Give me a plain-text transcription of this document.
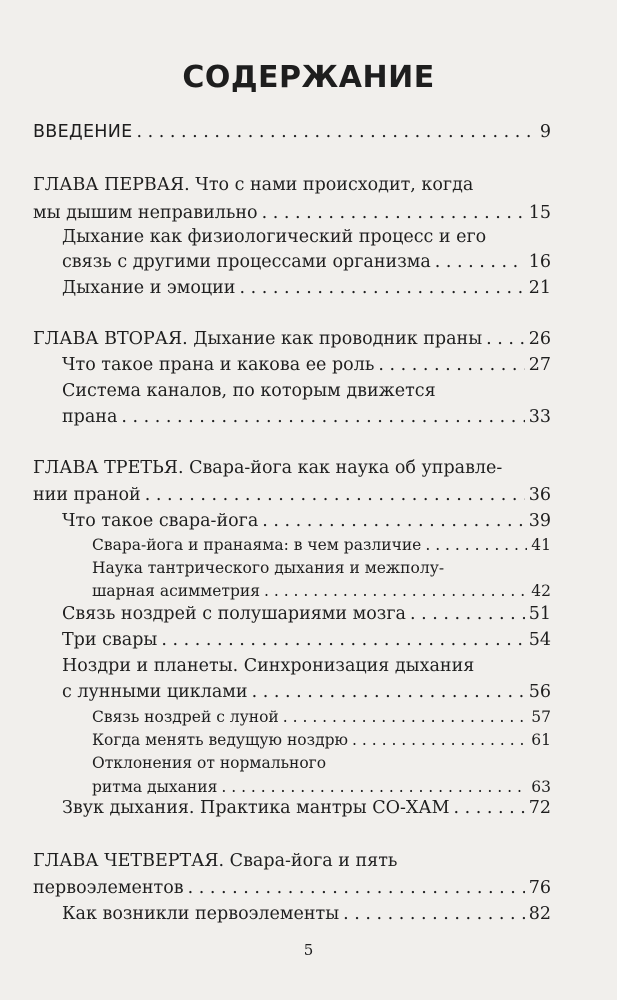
СОДЕРЖАНИЕ
ВВЕДЕНИЕ . . .	9
ГЛАВА ПЕРВАЯ. Что с нами происходит, когда
мы дышим неправильно . . .	15
Дыхание как физиологический процесс и его
связь с другими процессами организма . . .	16
Дыхание и эмоции . . .	21
ГЛАВА ВТОРАЯ. Дыхание как проводник праны . . .	26
Что такое прана и какова ее роль . . .	27
Система каналов, по которым движется
прана . . .	33
ГЛАВА ТРЕТЬЯ. Свара-йога как наука об управле-
нии праной . . .	36
Что такое свара-йога . . .	39
Свара-йога и пранаяма: в чем различие . . .	41
Наука тантрического дыхания и межполу-
шарная асимметрия . . .	42
Связь ноздрей с полушариями мозга . . .	51
Три свары . . .	54
Ноздри и планеты. Синхронизация дыхания
с лунными циклами . . .	56
Связь ноздрей с луной . . .	57
Когда менять ведущую ноздрю . . .	61
Отклонения от нормального
ритма дыхания . . .	63
Звук дыхания. Практика мантры СО-ХАМ . . .	72
ГЛАВА ЧЕТВЕРТАЯ. Свара-йога и пять
первоэлементов . . .	76
Как возникли первоэлементы . . .	82
5
